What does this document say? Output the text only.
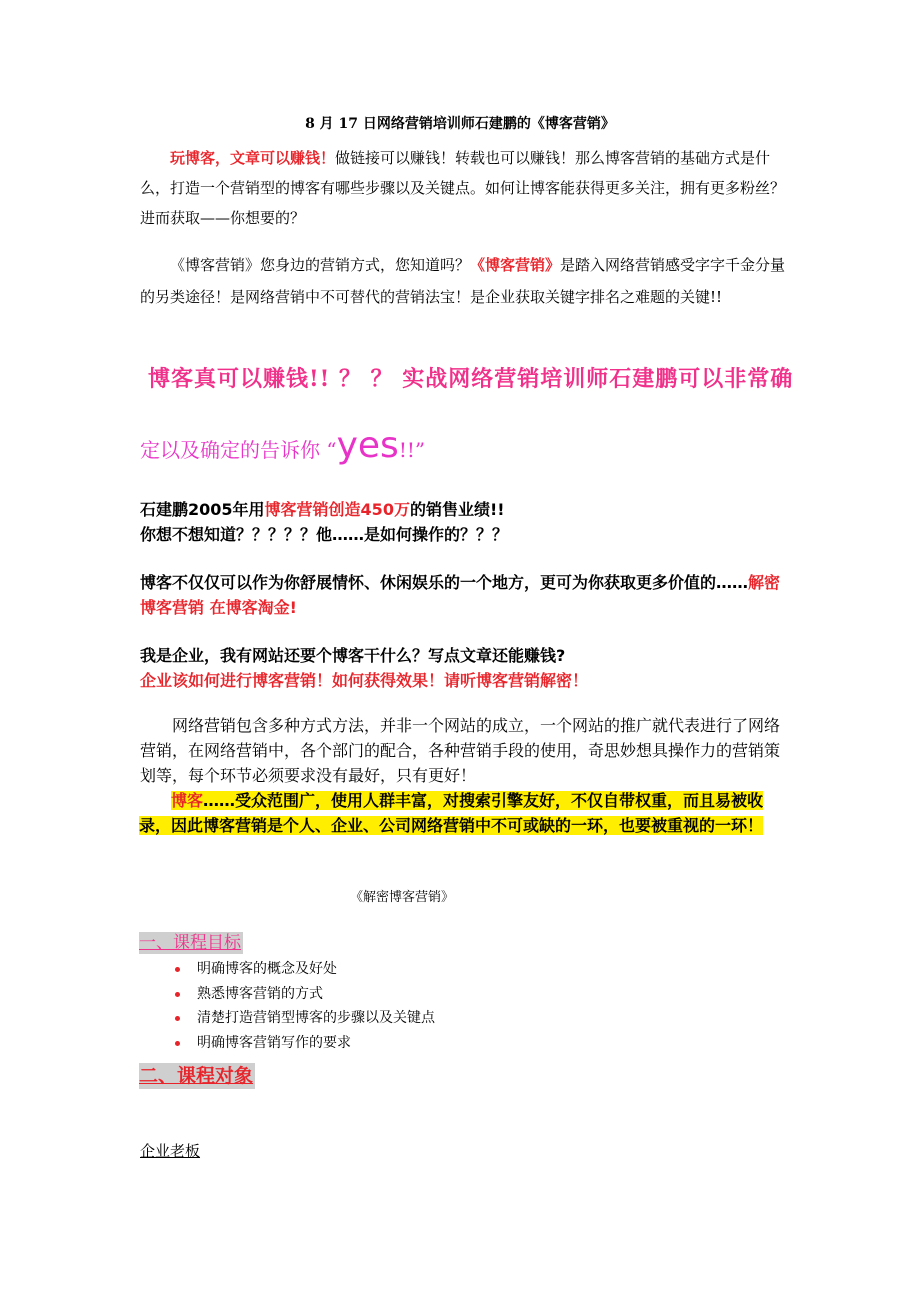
8 月 17 日网络营销培训师石建鹏的《博客营销》
玩博客，文章可以赚钱！做链接可以赚钱！转载也可以赚钱！那么博客营销的基础方式是什么，打造一个营销型的博客有哪些步骤以及关键点。如何让博客能获得更多关注，拥有更多粉丝？进而获取——你想要的？
《博客营销》您身边的营销方式，您知道吗？《博客营销》是踏入网络营销感受字字千金分量的另类途径！是网络营销中不可替代的营销法宝！是企业获取关键字排名之难题的关键!!
博客真可以赚钱!! ？ ？ 实战网络营销培训师石建鹏可以非常确
定以及确定的告诉你 “yes!!”
石建鹏2005年用博客营销创造450万的销售业绩!!
你想不想知道？？？？？他……是如何操作的？？？
博客不仅仅可以作为你舒展情怀、休闲娱乐的一个地方，更可为你获取更多价值的……解密博客营销 在博客淘金!
我是企业，我有网站还要个博客干什么？写点文章还能赚钱?
企业该如何进行博客营销！如何获得效果！请听博客营销解密！
网络营销包含多种方式方法，并非一个网站的成立，一个网站的推广就代表进行了网络营销，在网络营销中，各个部门的配合，各种营销手段的使用，奇思妙想具操作力的营销策划等，每个环节必须要求没有最好，只有更好！
博客……受众范围广，使用人群丰富，对搜索引擎友好，不仅自带权重，而且易被收录，因此博客营销是个人、企业、公司网络营销中不可或缺的一环，也要被重视的一环！
《解密博客营销》
一、课程目标
明确博客的概念及好处
熟悉博客营销的方式
清楚打造营销型博客的步骤以及关键点
明确博客营销写作的要求
二、课程对象
企业老板
